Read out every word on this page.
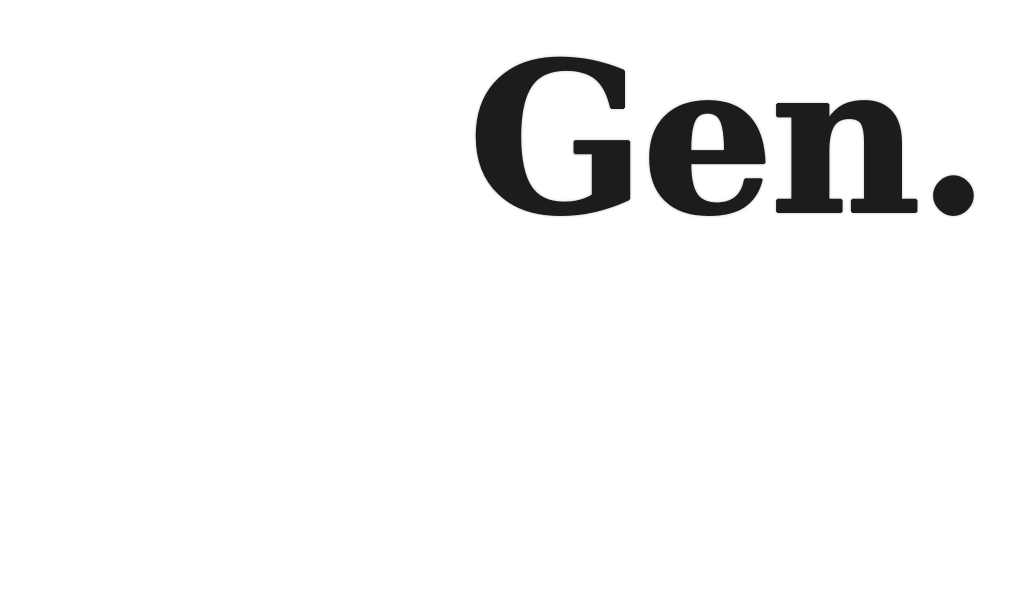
Gen.
